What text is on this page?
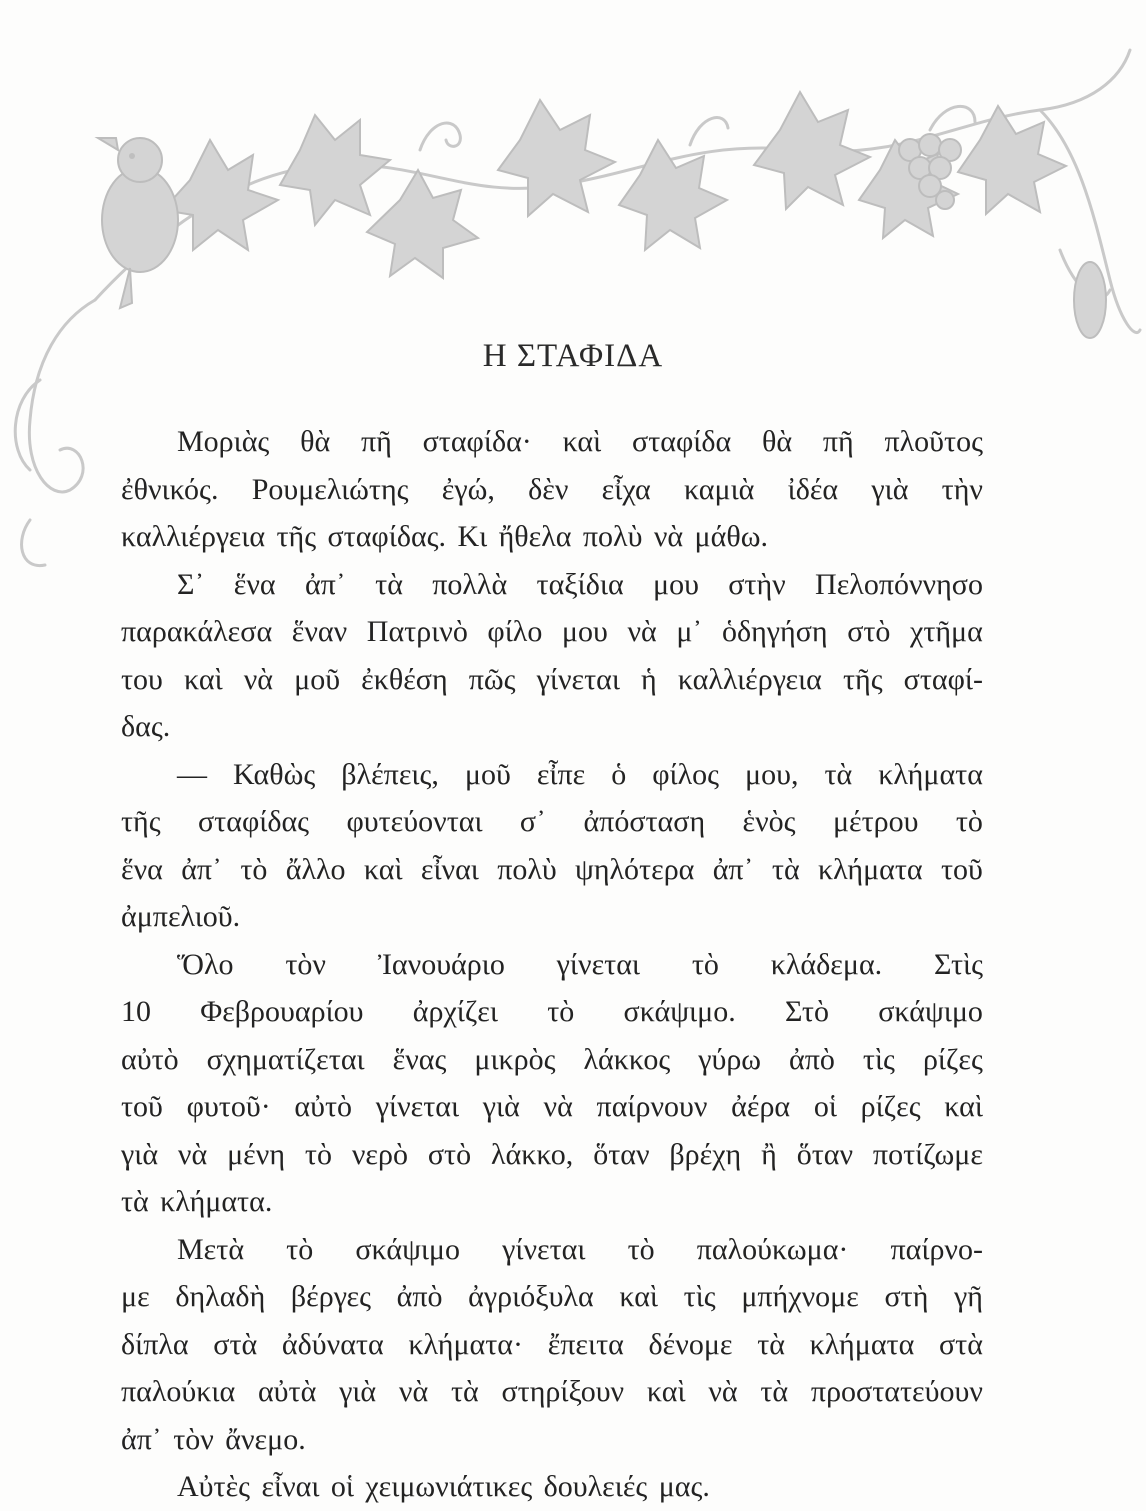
Η ΣΤΑΦΙΔΑ
Μοριὰς θὰ πῆ σταφίδα· καὶ σταφίδα θὰ πῆ πλοῦτος
ἐθνικός. Ρουμελιώτης ἐγώ, δὲν εἶχα καμιὰ ἰδέα γιὰ τὴν
καλλιέργεια τῆς σταφίδας. Κι ἤθελα πολὺ νὰ μάθω.
Σ᾿ ἕνα ἀπ᾿ τὰ πολλὰ ταξίδια μου στὴν Πελοπόννησο
παρακάλεσα ἕναν Πατρινὸ φίλο μου νὰ μ᾿ ὁδηγήση στὸ χτῆμα
του καὶ νὰ μοῦ ἐκθέση πῶς γίνεται ἡ καλλιέργεια τῆς σταφί-
δας.
— Καθὼς βλέπεις, μοῦ εἶπε ὁ φίλος μου, τὰ κλήματα
τῆς σταφίδας φυτεύονται σ᾿ ἀπόσταση ἑνὸς μέτρου τὸ
ἕνα ἀπ᾿ τὸ ἄλλο καὶ εἶναι πολὺ ψηλότερα ἀπ᾿ τὰ κλήματα τοῦ
ἀμπελιοῦ.
Ὅλο τὸν Ἰανουάριο γίνεται τὸ κλάδεμα. Στὶς
10 Φεβρουαρίου ἀρχίζει τὸ σκάψιμο. Στὸ σκάψιμο
αὐτὸ σχηματίζεται ἕνας μικρὸς λάκκος γύρω ἀπὸ τὶς ρίζες
τοῦ φυτοῦ· αὐτὸ γίνεται γιὰ νὰ παίρνουν ἀέρα οἱ ρίζες καὶ
γιὰ νὰ μένη τὸ νερὸ στὸ λάκκο, ὅταν βρέχη ἢ ὅταν ποτίζωμε
τὰ κλήματα.
Μετὰ τὸ σκάψιμο γίνεται τὸ παλούκωμα· παίρνο-
με δηλαδὴ βέργες ἀπὸ ἀγριόξυλα καὶ τὶς μπήχνομε στὴ γῆ
δίπλα στὰ ἀδύνατα κλήματα· ἔπειτα δένομε τὰ κλήματα στὰ
παλούκια αὐτὰ γιὰ νὰ τὰ στηρίξουν καὶ νὰ τὰ προστατεύουν
ἀπ᾿ τὸν ἄνεμο.
Αὐτὲς εἶναι οἱ χειμωνιάτικες δουλειές μας.
